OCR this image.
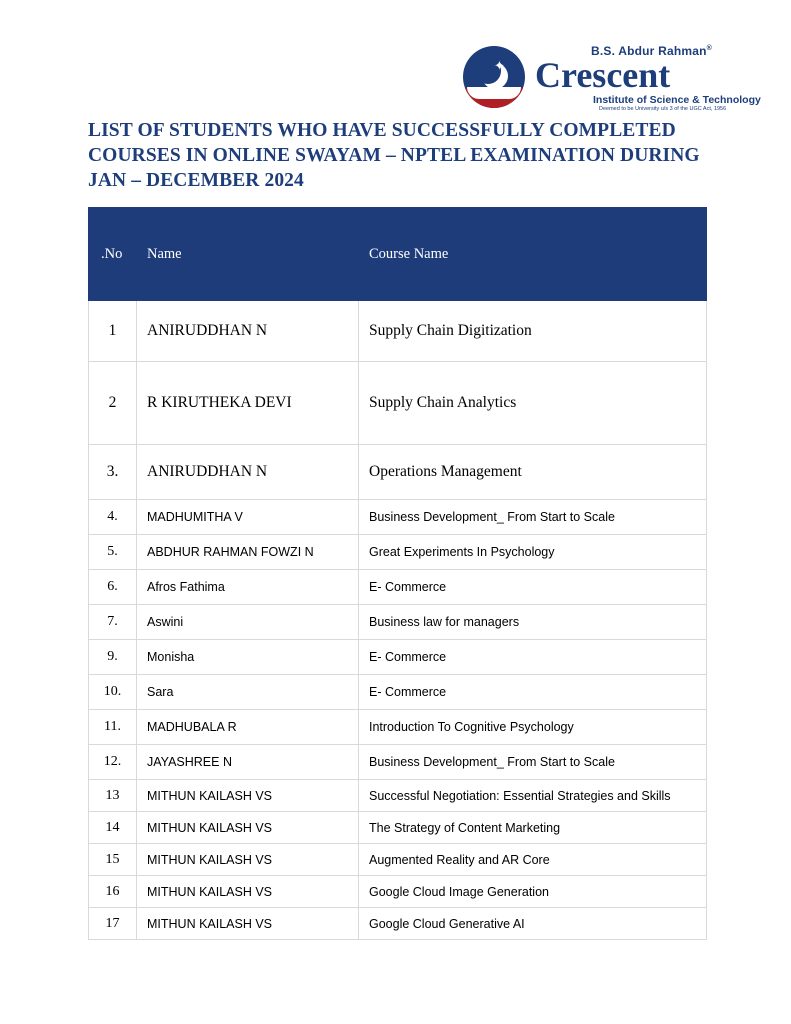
✦
B.S. Abdur Rahman®
Crescent
Institute of Science & Technology
Deemed to be University u/s 3 of the UGC Act, 1956
LIST OF STUDENTS WHO HAVE SUCCESSFULLY COMPLETED COURSES IN ONLINE SWAYAM – NPTEL EXAMINATION DURING JAN – DECEMBER 2024
.No	Name	Course Name
1	ANIRUDDHAN N	Supply Chain Digitization
2	R KIRUTHEKA DEVI	Supply Chain Analytics
3.	ANIRUDDHAN N	Operations Management
4.	MADHUMITHA V	Business Development_ From Start to Scale
5.	ABDHUR RAHMAN FOWZI N	Great Experiments In Psychology
6.	Afros Fathima	E- Commerce
7.	Aswini	Business law for managers
9.	Monisha	E- Commerce
10.	Sara	E- Commerce
11.	MADHUBALA R	Introduction To Cognitive Psychology
12.	JAYASHREE N	Business Development_ From Start to Scale
13	MITHUN KAILASH VS	Successful Negotiation: Essential Strategies and Skills
14	MITHUN KAILASH VS	The Strategy of Content Marketing
15	MITHUN KAILASH VS	Augmented Reality and AR Core
16	MITHUN KAILASH VS	Google Cloud Image Generation
17	MITHUN KAILASH VS	Google Cloud Generative AI
